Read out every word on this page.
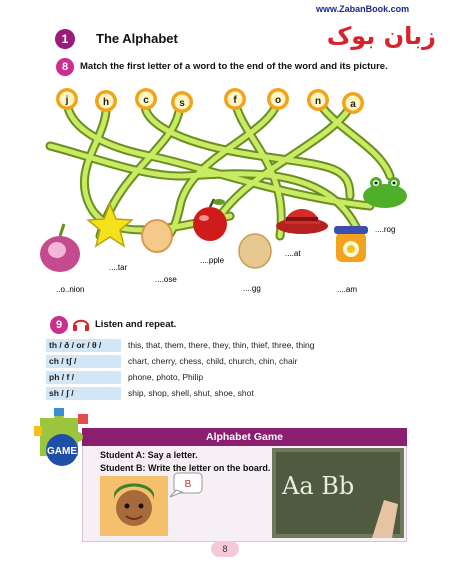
1	The Alphabet
www.ZabanBook.com
زبان بوک
8	Match the first letter of a word to the end of the word and its picture.
j	h	c	s	f	o	n	a
..o..nion
....tar
....ose
....pple
....gg
....at
....am
....rog
9	Listen and repeat.
th / ð / or / θ /	this, that, them, there, they, thin, thief, three, thing
ch / tʃ /	chart, cherry, chess, child, church, chin, chair
ph / f /	phone, photo, Philip
sh / ʃ /	ship, shop, shell, shut, shoe, shot
Alphabet Game
GAME	Student A: Say a letter.
Student B: Write the letter on the board.
B	Aa Bb
8
